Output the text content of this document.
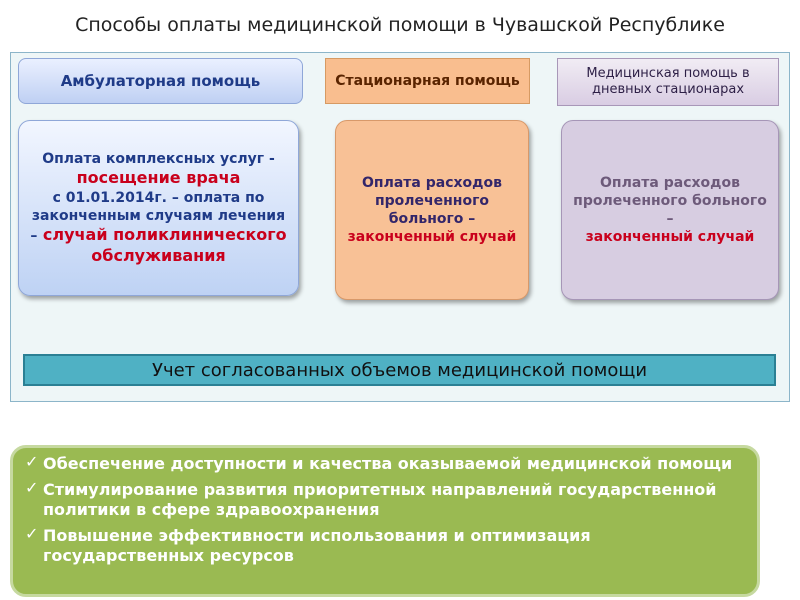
Способы оплаты медицинской помощи в Чувашской Республике
Амбулаторная помощь	Стационарная помощь	Медицинская помощь в дневных стационарах
Оплата комплексных услуг -
посещение врача
с 01.01.2014г. – оплата по законченным случаям лечения – случай поликлинического обслуживания
Оплата расходов пролеченного больного –
законченный случай
Оплата расходов пролеченного больного –
законченный случай
Учет согласованных объемов медицинской помощи
✓ Обеспечение доступности и качества оказываемой медицинской помощи
✓ Стимулирование развития приоритетных направлений государственной политики в сфере здравоохранения
✓ Повышение эффективности использования и оптимизация государственных ресурсов
